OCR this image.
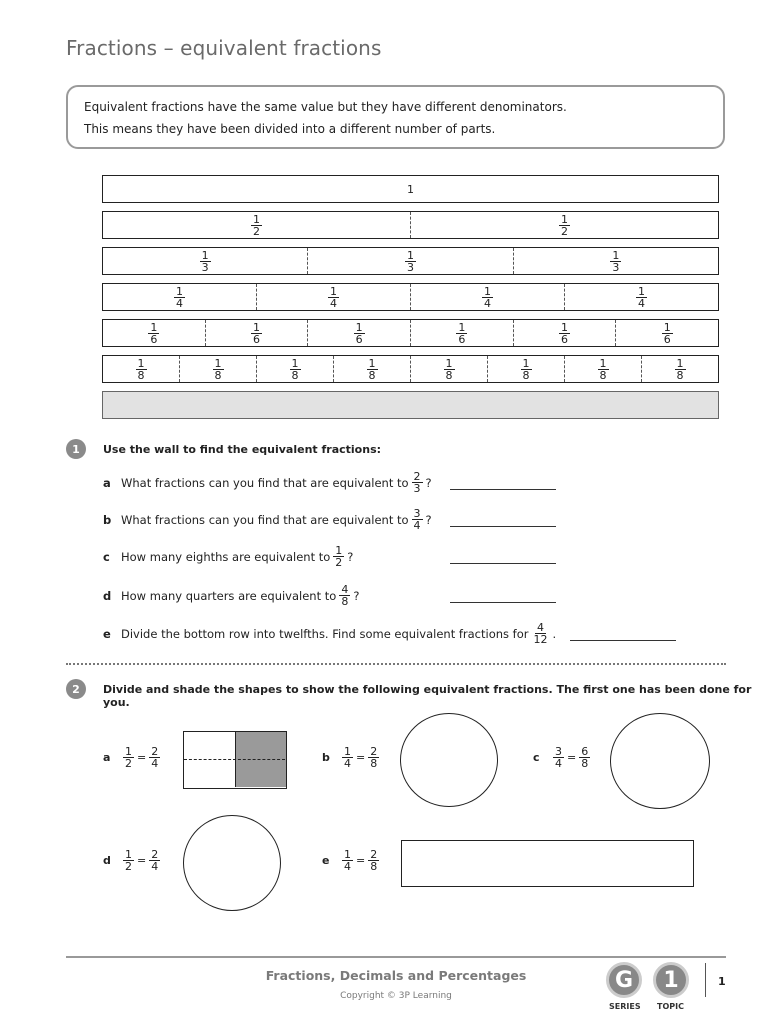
Fractions – equivalent fractions
Equivalent fractions have the same value but they have different denominators.
This means they have been divided into a different number of parts.
1
$\frac{1}{2}$	$\frac{1}{2}$
$\frac{1}{3}$	$\frac{1}{3}$	$\frac{1}{3}$
$\frac{1}{4}$	$\frac{1}{4}$	$\frac{1}{4}$	$\frac{1}{4}$
$\frac{1}{6}$	$\frac{1}{6}$	$\frac{1}{6}$	$\frac{1}{6}$	$\frac{1}{6}$	$\frac{1}{6}$
$\frac{1}{8}$	$\frac{1}{8}$	$\frac{1}{8}$	$\frac{1}{8}$	$\frac{1}{8}$	$\frac{1}{8}$	$\frac{1}{8}$	$\frac{1}{8}$
1	Use the wall to find the equivalent fractions:
a What fractions can you find that are equivalent to $\frac{2}{3}$ ?
b What fractions can you find that are equivalent to $\frac{3}{4}$ ?
c How many eighths are equivalent to $\frac{1}{2}$ ?
d How many quarters are equivalent to $\frac{4}{8}$ ?
e Divide the bottom row into twelfths. Find some equivalent fractions for $\frac{4}{12}$ .
2	Divide and shade the shapes to show the following equivalent fractions. The first one has been done for you.
a	$\frac{1}{2} = \frac{2}{4}$	b	$\frac{1}{4} = \frac{2}{8}$	c	$\frac{3}{4} = \frac{6}{8}$
d	$\frac{1}{2} = \frac{2}{4}$	e	$\frac{1}{4} = \frac{2}{8}$
Fractions, Decimals and Percentages
Copyright © 3P Learning
G
SERIES
1
TOPIC
1
